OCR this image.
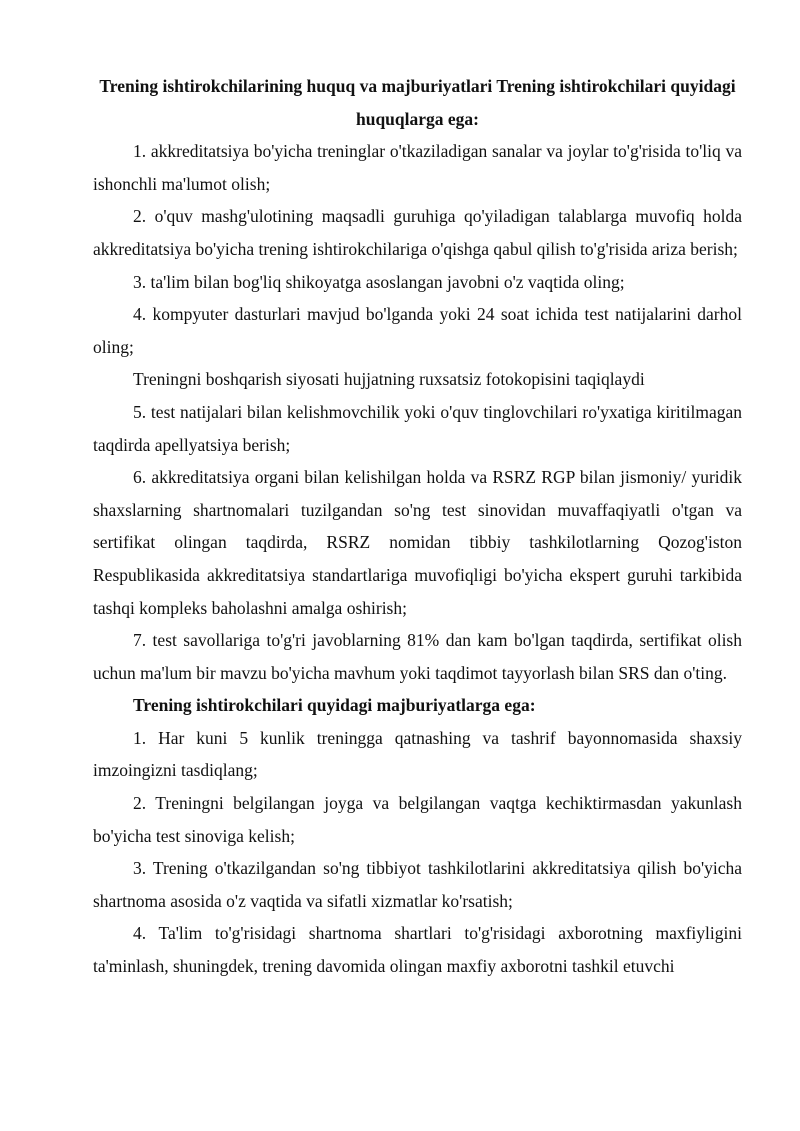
Trening ishtirokchilarining huquq va majburiyatlari Trening ishtirokchilari quyidagi huquqlarga ega:

1. akkreditatsiya bo'yicha treninglar o'tkaziladigan sanalar va joylar to'g'risida to'liq va ishonchli ma'lumot olish;

2. o'quv mashg'ulotining maqsadli guruhiga qo'yiladigan talablarga muvofiq holda akkreditatsiya bo'yicha trening ishtirokchilariga o'qishga qabul qilish to'g'risida ariza berish;

3. ta'lim bilan bog'liq shikoyatga asoslangan javobni o'z vaqtida oling;

4. kompyuter dasturlari mavjud bo'lganda yoki 24 soat ichida test natijalarini darhol oling;

Treningni boshqarish siyosati hujjatning ruxsatsiz fotokopisini taqiqlaydi

5. test natijalari bilan kelishmovchilik yoki o'quv tinglovchilari ro'yxatiga kiritilmagan taqdirda apellyatsiya berish;

6. akkreditatsiya organi bilan kelishilgan holda va RSRZ RGP bilan jismoniy/ yuridik shaxslarning shartnomalari tuzilgandan so'ng test sinovidan muvaffaqiyatli o'tgan va sertifikat olingan taqdirda, RSRZ nomidan tibbiy tashkilotlarning Qozog'iston Respublikasida akkreditatsiya standartlariga muvofiqligi bo'yicha ekspert guruhi tarkibida tashqi kompleks baholashni amalga oshirish;

7. test savollariga to'g'ri javoblarning 81% dan kam bo'lgan taqdirda, sertifikat olish uchun ma'lum bir mavzu bo'yicha mavhum yoki taqdimot tayyorlash bilan SRS dan o'ting.

Trening ishtirokchilari quyidagi majburiyatlarga ega:

1. Har kuni 5 kunlik treningga qatnashing va tashrif bayonnomasida shaxsiy imzoingizni tasdiqlang;

2. Treningni belgilangan joyga va belgilangan vaqtga kechiktirmasdan yakunlash bo'yicha test sinoviga kelish;

3. Trening o'tkazilgandan so'ng tibbiyot tashkilotlarini akkreditatsiya qilish bo'yicha shartnoma asosida o'z vaqtida va sifatli xizmatlar ko'rsatish;

4. Ta'lim to'g'risidagi shartnoma shartlari to'g'risidagi axborotning maxfiyligini ta'minlash, shuningdek, trening davomida olingan maxfiy axborotni tashkil etuvchi
